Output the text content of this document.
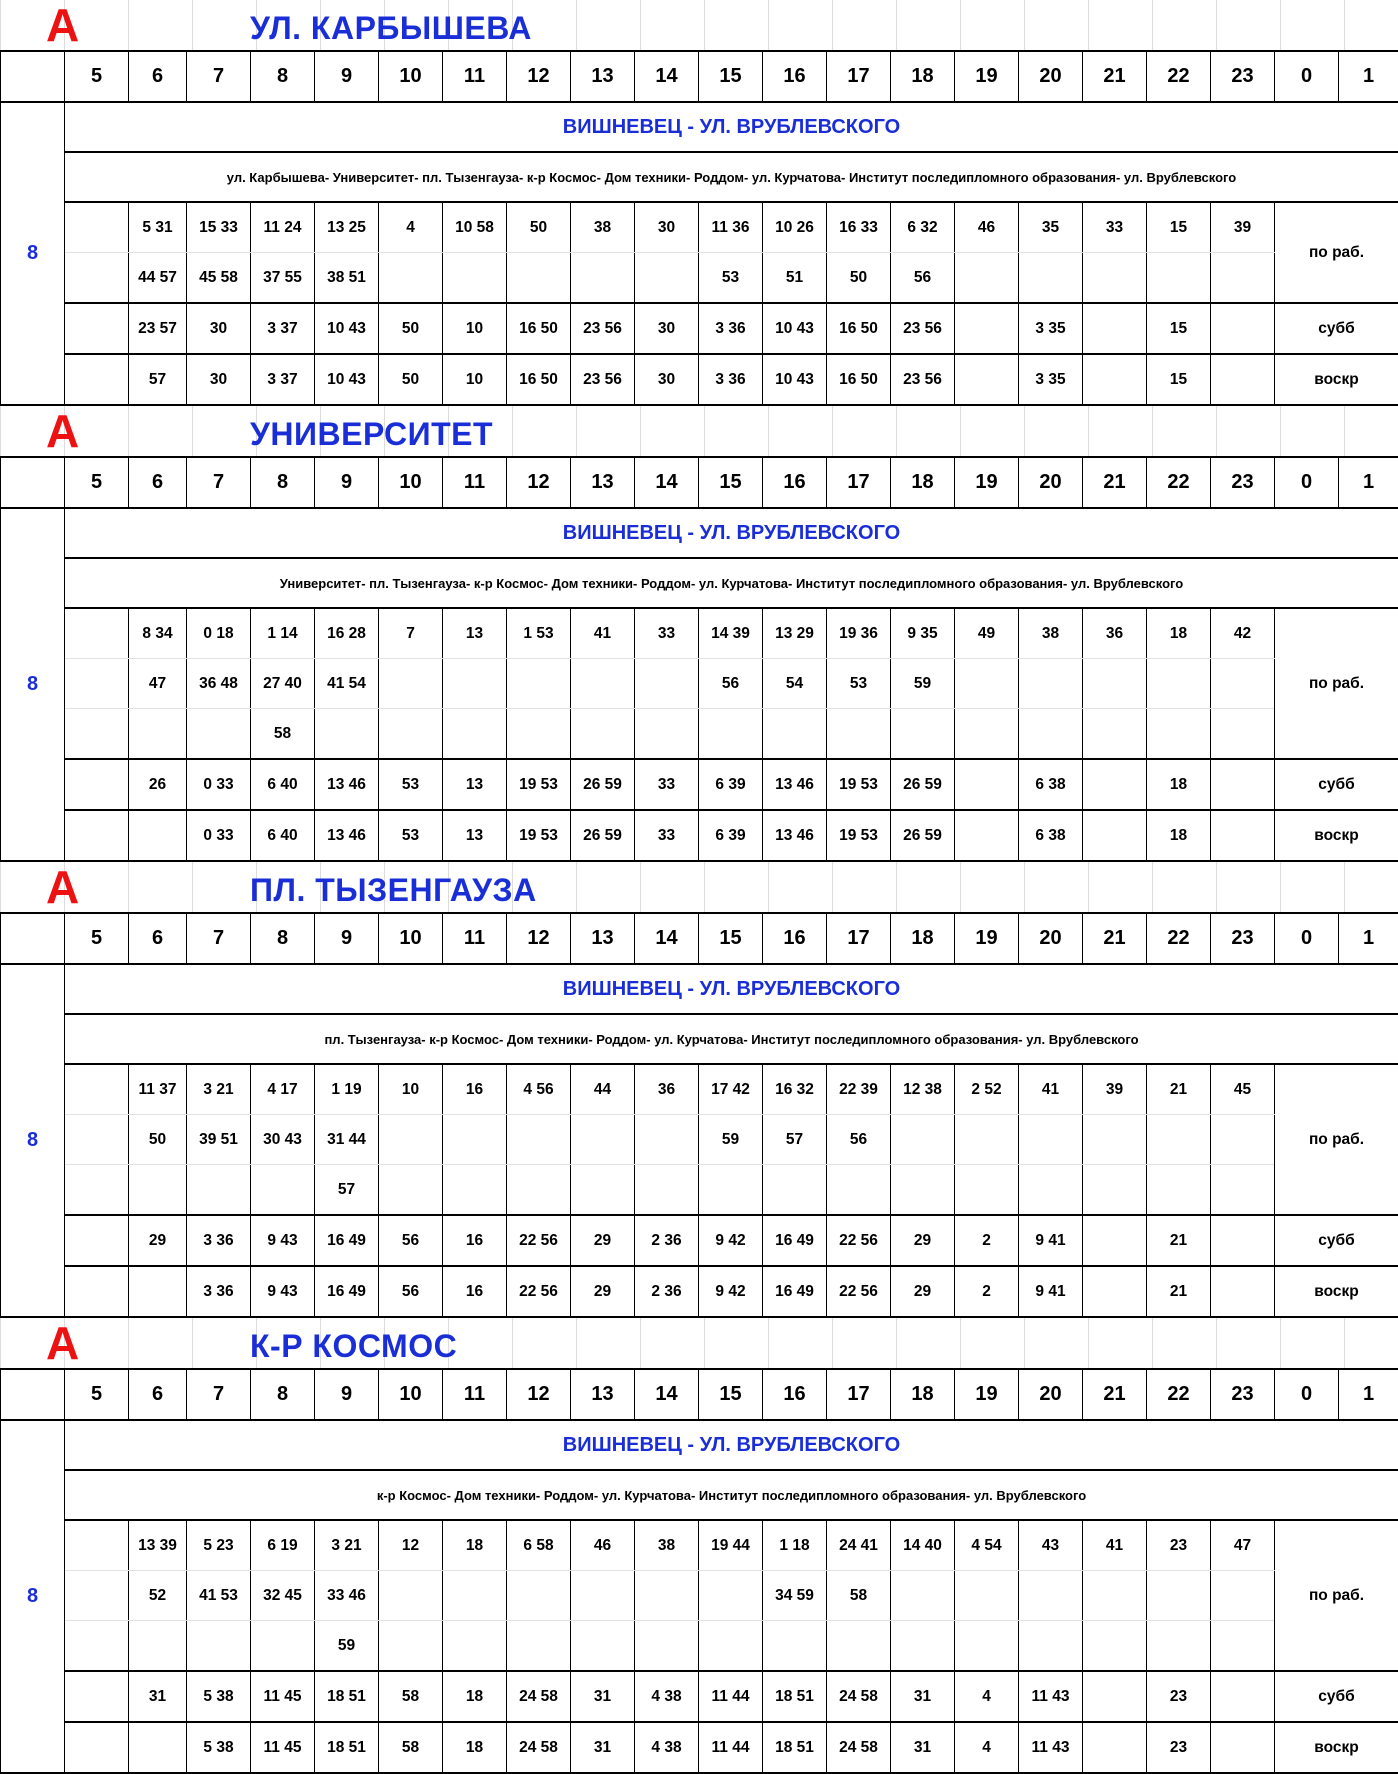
А	УЛ. КАРБЫШЕВА
	5	6	7	8	9	10	11	12	13	14	15	16	17	18	19	20	21	22	23	0	1
8	ВИШНЕВЕЦ - УЛ. ВРУБЛЕВСКОГО																				
	ул. Карбышева- Университет- пл. Тызенгауза- к-р Космос- Дом техники- Роддом- ул. Курчатова- Институт последипломного образования- ул. Врублевского																				
		5 31	15 33	11 24	13 25	4	10 58	50	38	30	11 36	10 26	16 33	6 32	46	35	33	15	39	по раб.	
		44 57	45 58	37 55	38 51						53	51	50	56							
		23 57	30	3 37	10 43	50	10	16 50	23 56	30	3 36	10 43	16 50	23 56		3 35		15		субб	
		57	30	3 37	10 43	50	10	16 50	23 56	30	3 36	10 43	16 50	23 56		3 35		15		воскр	
А	УНИВЕРСИТЕТ
	5	6	7	8	9	10	11	12	13	14	15	16	17	18	19	20	21	22	23	0	1
8	ВИШНЕВЕЦ - УЛ. ВРУБЛЕВСКОГО																				
	Университет- пл. Тызенгауза- к-р Космос- Дом техники- Роддом- ул. Курчатова- Институт последипломного образования- ул. Врублевского																				
		8 34	0 18	1 14	16 28	7	13	1 53	41	33	14 39	13 29	19 36	9 35	49	38	36	18	42	по раб.	
		47	36 48	27 40	41 54						56	54	53	59							
				58																	
		26	0 33	6 40	13 46	53	13	19 53	26 59	33	6 39	13 46	19 53	26 59		6 38		18		субб	
			0 33	6 40	13 46	53	13	19 53	26 59	33	6 39	13 46	19 53	26 59		6 38		18		воскр	
А	ПЛ. ТЫЗЕНГАУЗА
	5	6	7	8	9	10	11	12	13	14	15	16	17	18	19	20	21	22	23	0	1
8	ВИШНЕВЕЦ - УЛ. ВРУБЛЕВСКОГО																				
	пл. Тызенгауза- к-р Космос- Дом техники- Роддом- ул. Курчатова- Институт последипломного образования- ул. Врублевского																				
		11 37	3 21	4 17	1 19	10	16	4 56	44	36	17 42	16 32	22 39	12 38	2 52	41	39	21	45	по раб.	
		50	39 51	30 43	31 44						59	57	56								
					57																
		29	3 36	9 43	16 49	56	16	22 56	29	2 36	9 42	16 49	22 56	29	2	9 41		21		субб	
			3 36	9 43	16 49	56	16	22 56	29	2 36	9 42	16 49	22 56	29	2	9 41		21		воскр	
А	К-Р КОСМОС
	5	6	7	8	9	10	11	12	13	14	15	16	17	18	19	20	21	22	23	0	1
8	ВИШНЕВЕЦ - УЛ. ВРУБЛЕВСКОГО																				
	к-р Космос- Дом техники- Роддом- ул. Курчатова- Институт последипломного образования- ул. Врублевского																				
		13 39	5 23	6 19	3 21	12	18	6 58	46	38	19 44	1 18	24 41	14 40	4 54	43	41	23	47	по раб.	
		52	41 53	32 45	33 46							34 59	58								
					59																
		31	5 38	11 45	18 51	58	18	24 58	31	4 38	11 44	18 51	24 58	31	4	11 43		23		субб	
			5 38	11 45	18 51	58	18	24 58	31	4 38	11 44	18 51	24 58	31	4	11 43		23		воскр	
